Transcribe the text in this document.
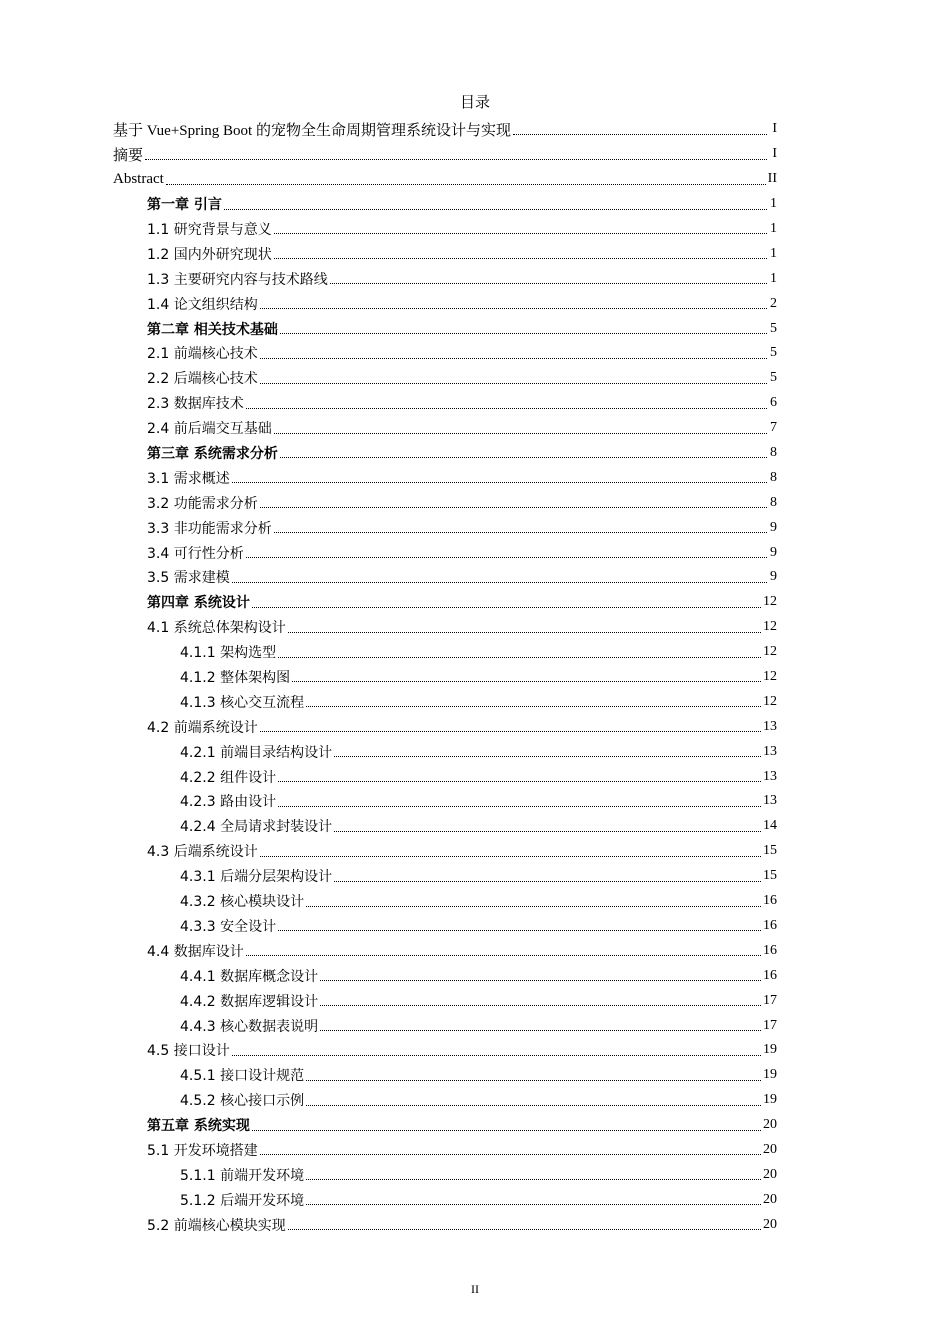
目录
基于 Vue+Spring Boot 的宠物全生命周期管理系统设计与实现	I
摘要	I
Abstract	II
第一章 引言	1
1.1 研究背景与意义	1
1.2 国内外研究现状	1
1.3 主要研究内容与技术路线	1
1.4 论文组织结构	2
第二章 相关技术基础	5
2.1 前端核心技术	5
2.2 后端核心技术	5
2.3 数据库技术	6
2.4 前后端交互基础	7
第三章 系统需求分析	8
3.1 需求概述	8
3.2 功能需求分析	8
3.3 非功能需求分析	9
3.4 可行性分析	9
3.5 需求建模	9
第四章 系统设计	12
4.1 系统总体架构设计	12
4.1.1 架构选型	12
4.1.2 整体架构图	12
4.1.3 核心交互流程	12
4.2 前端系统设计	13
4.2.1 前端目录结构设计	13
4.2.2 组件设计	13
4.2.3 路由设计	13
4.2.4 全局请求封装设计	14
4.3 后端系统设计	15
4.3.1 后端分层架构设计	15
4.3.2 核心模块设计	16
4.3.3 安全设计	16
4.4 数据库设计	16
4.4.1 数据库概念设计	16
4.4.2 数据库逻辑设计	17
4.4.3 核心数据表说明	17
4.5 接口设计	19
4.5.1 接口设计规范	19
4.5.2 核心接口示例	19
第五章 系统实现	20
5.1 开发环境搭建	20
5.1.1 前端开发环境	20
5.1.2 后端开发环境	20
5.2 前端核心模块实现	20
II
